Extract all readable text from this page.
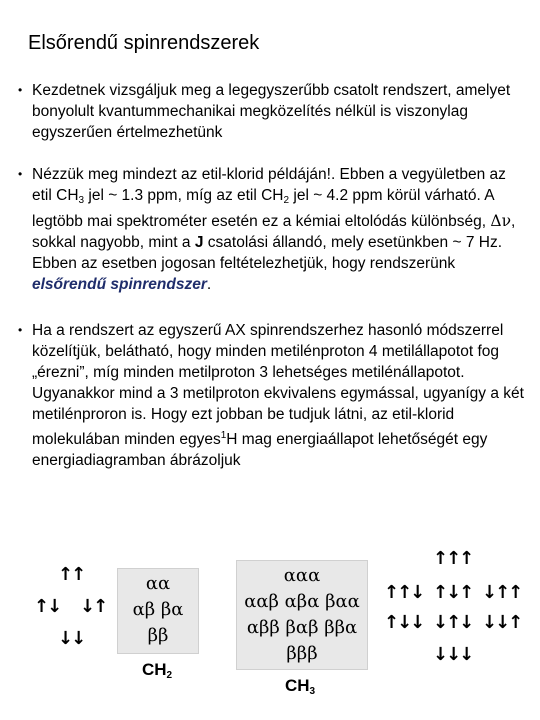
Elsőrendű spinrendszerek
• Kezdetnek vizsgáljuk meg a legegyszerűbb csatolt rendszert, amelyet bonyolult kvantummechanikai megközelítés nélkül is viszonylag egyszerűen értelmezhetünk
• Nézzük meg mindezt az etil-klorid példáján!. Ebben a vegyületben az etil $CH_3$ jel ~ 1.3 ppm, míg az etil $CH_2$ jel ~ 4.2 ppm körül várható. A legtöbb mai spektrométer esetén ez a kémiai eltolódás különbség, Δν, sokkal nagyobb, mint a J csatolási állandó, mely esetünkben ~ 7 Hz. Ebben az esetben jogosan feltételezhetjük, hogy rendszerünk elsőrendű spinrendszer.
• Ha a rendszert az egyszerű AX spinrendszerhez hasonló módszerrel közelítjük, belátható, hogy minden metilénproton 4 metilállapotot fog „érezni”, míg minden metilproton 3 lehetséges metilénállapotot. Ugyanakkor mind a 3 metilproton ekvivalens egymással, ugyanígy a két metilénproron is. Hogy ezt jobban be tudjuk látni, az etil-klorid molekulában minden egyes$^1$H mag energiaállapot lehetőségét egy energiadiagramban ábrázoljuk
↑↑
↑↓ ↓↑
↓↓
αα
αβ βα
ββ
$CH_2$
ααα
ααβ αβα βαα
αββ βαβ ββα
βββ
$CH_3$
↑↑↑
↑↑↓ ↑↓↑ ↓↑↑
↑↓↓ ↓↑↓ ↓↓↑
↓↓↓
